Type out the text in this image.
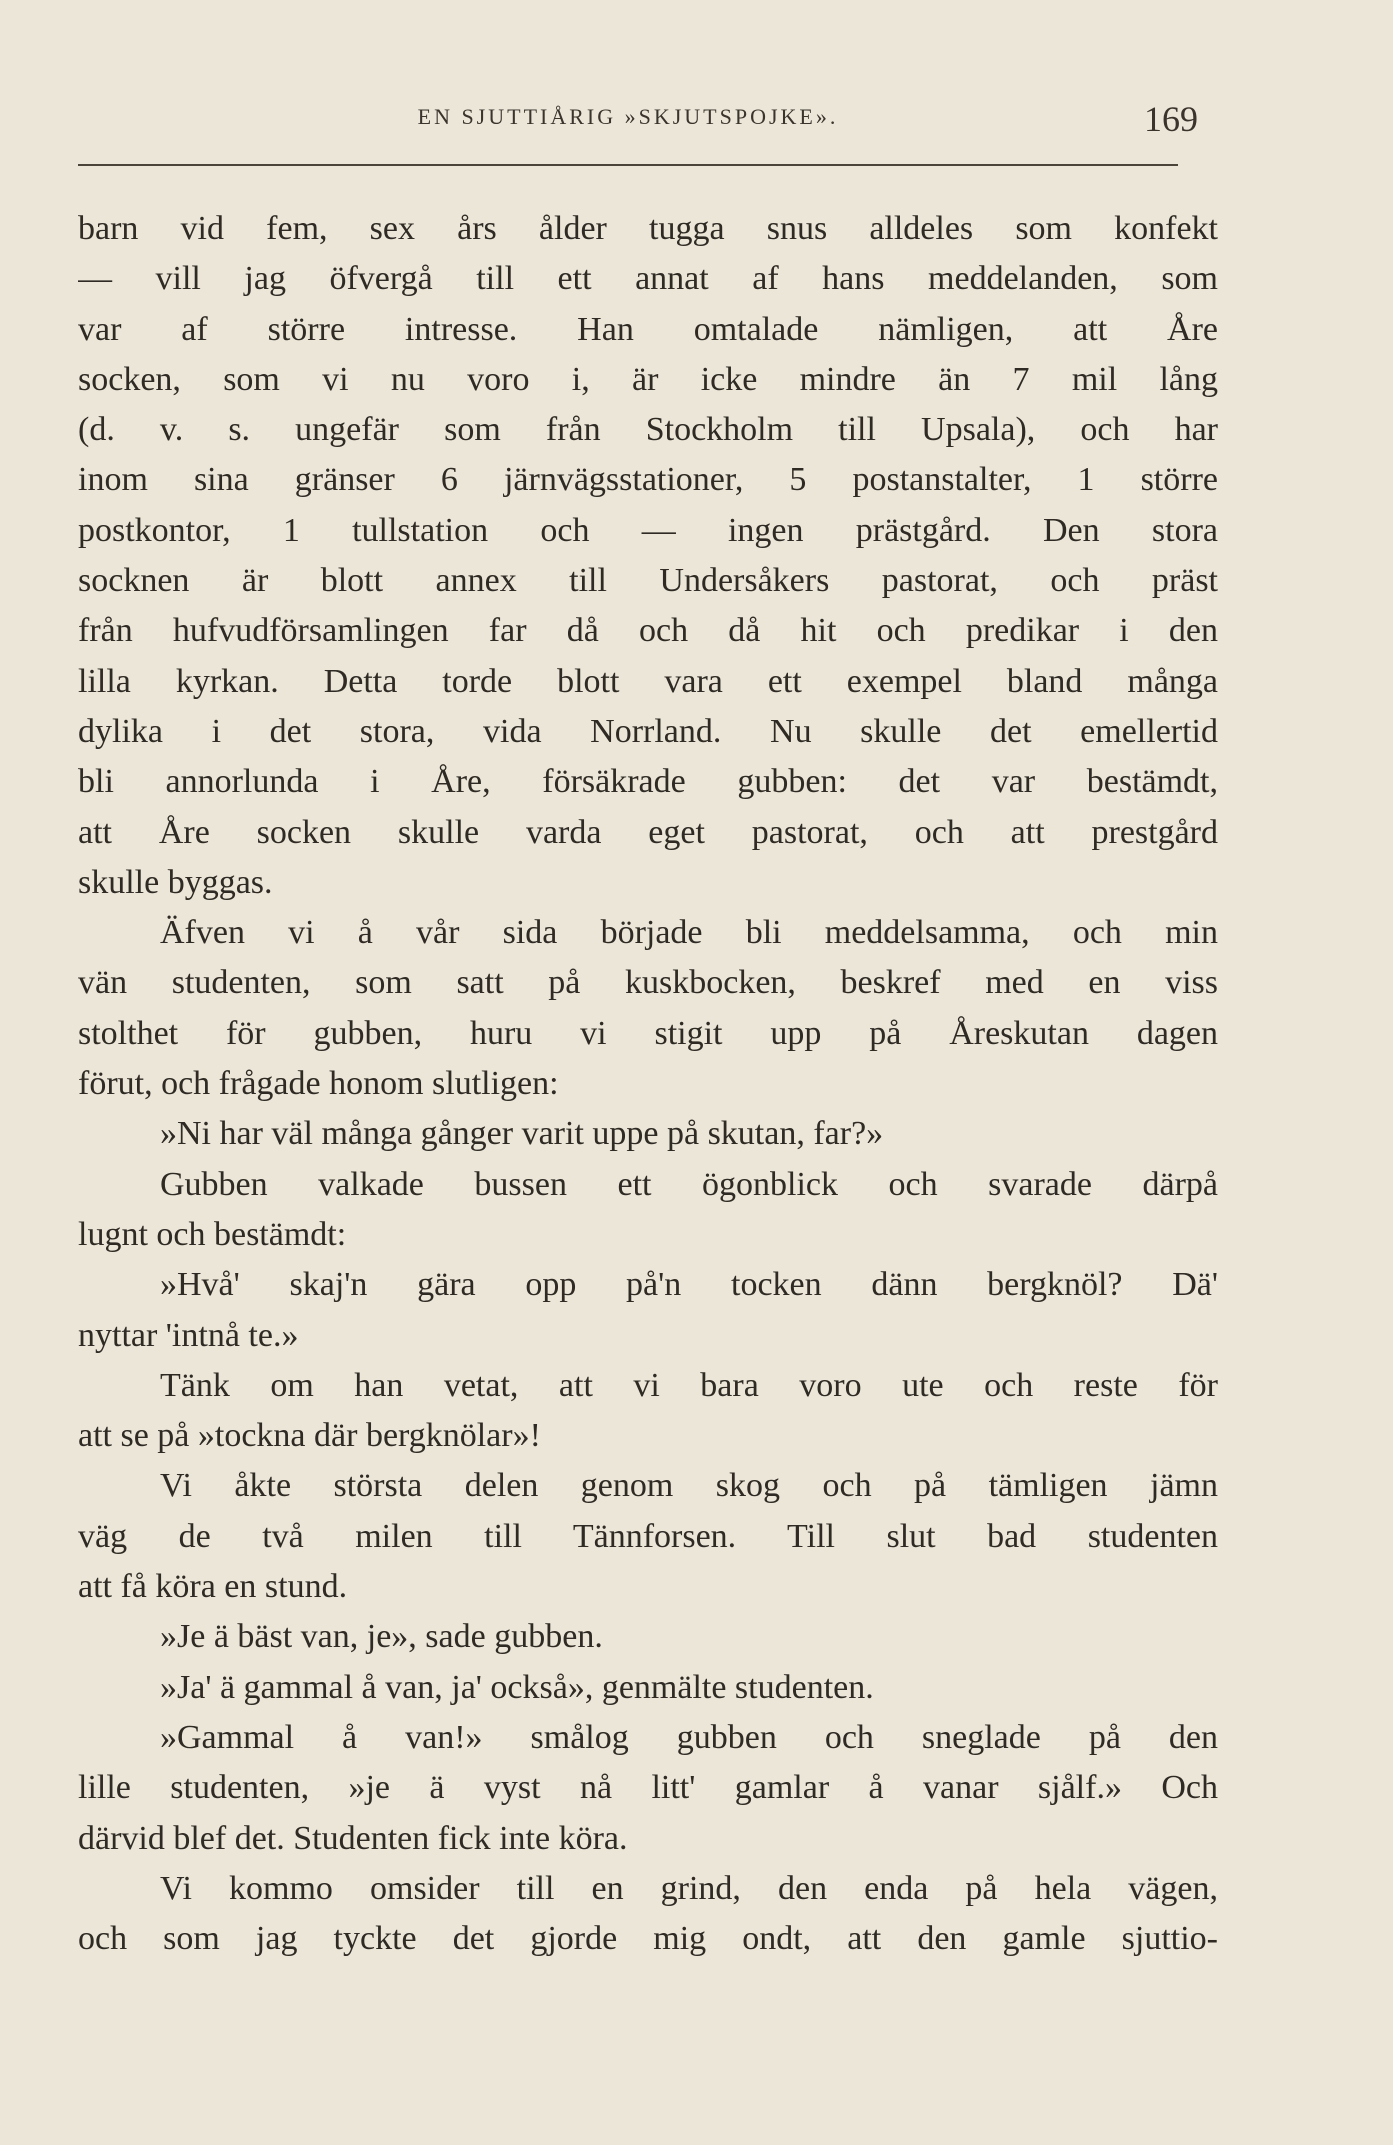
EN SJUTTIÅRIG »SKJUTSPOJKE».	169
barn vid fem, sex års ålder tugga snus alldeles som konfekt
— vill jag öfvergå till ett annat af hans meddelanden, som
var af större intresse. Han omtalade nämligen, att Åre
socken, som vi nu voro i, är icke mindre än 7 mil lång
(d. v. s. ungefär som från Stockholm till Upsala), och har
inom sina gränser 6 järnvägsstationer, 5 postanstalter, 1 större
postkontor, 1 tullstation och — ingen prästgård. Den stora
socknen är blott annex till Undersåkers pastorat, och präst
från hufvudförsamlingen far då och då hit och predikar i den
lilla kyrkan. Detta torde blott vara ett exempel bland många
dylika i det stora, vida Norrland. Nu skulle det emellertid
bli annorlunda i Åre, försäkrade gubben: det var bestämdt,
att Åre socken skulle varda eget pastorat, och att prestgård
skulle byggas.
Äfven vi å vår sida började bli meddelsamma, och min
vän studenten, som satt på kuskbocken, beskref med en viss
stolthet för gubben, huru vi stigit upp på Åreskutan dagen
förut, och frågade honom slutligen:
»Ni har väl många gånger varit uppe på skutan, far?»
Gubben valkade bussen ett ögonblick och svarade därpå
lugnt och bestämdt:
»Hvå' skaj'n gära opp på'n tocken dänn bergknöl? Dä'
nyttar 'intnå te.»
Tänk om han vetat, att vi bara voro ute och reste för
att se på »tockna där bergknölar»!
Vi åkte största delen genom skog och på tämligen jämn
väg de två milen till Tännforsen. Till slut bad studenten
att få köra en stund.
»Je ä bäst van, je», sade gubben.
»Ja' ä gammal å van, ja' också», genmälte studenten.
»Gammal å van!» smålog gubben och sneglade på den
lille studenten, »je ä vyst nå litt' gamlar å vanar sjålf.» Och
därvid blef det. Studenten fick inte köra.
Vi kommo omsider till en grind, den enda på hela vägen,
och som jag tyckte det gjorde mig ondt, att den gamle sjuttio-
